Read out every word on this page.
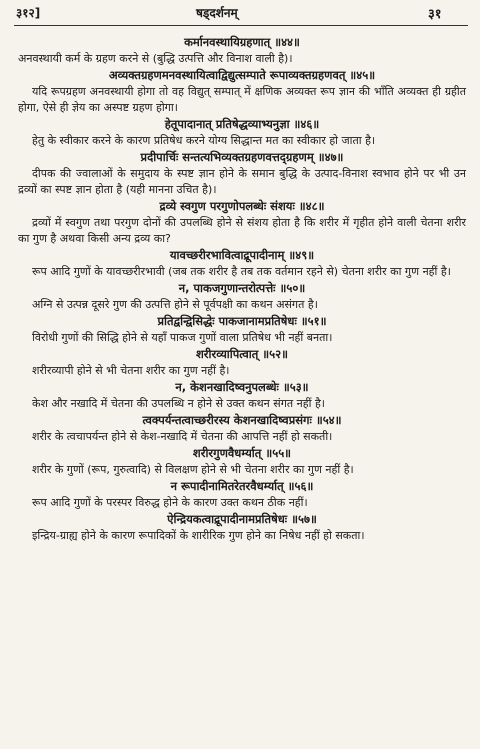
३१२]	षड्दर्शनम्	३१

कर्मानवस्थायिग्रहणात् ॥४४॥

अनवस्थायी कर्म के ग्रहण करने से (बुद्धि उत्पत्ति और विनाश वाली है)।

अव्यक्तग्रहणमनवस्थायित्वाद्विद्युत्सम्पाते रूपाव्यक्तग्रहणवत् ॥४५॥

यदि रूपग्रहण अनवस्थायी होगा तो वह विद्युत् सम्पात् में क्षणिक अव्यक्त रूप ज्ञान की भाँति अव्यक्त ही ग्रहीत होगा, ऐसे ही ज्ञेय का अस्पष्ट ग्रहण होगा।

हेतूपादानात् प्रतिषेद्धव्याभ्यनुज्ञा ॥४६॥

हेतु के स्वीकार करने के कारण प्रतिषेध करने योग्य सिद्धान्त मत का स्वीकार हो जाता है।

प्रदीपार्चिः सन्तत्यभिव्यक्तग्रहणवत्तद्ग्रहणम् ॥४७॥

दीपक की ज्वालाओं के समुदाय के स्पष्ट ज्ञान होने के समान बुद्धि के उत्पाद-विनाश स्वभाव होने पर भी उन द्रव्यों का स्पष्ट ज्ञान होता है (यही मानना उचित है)।

द्रव्ये स्वगुण परगुणोपलब्धेः संशयः ॥४८॥

द्रव्यों में स्वगुण तथा परगुण दोनों की उपलब्धि होने से संशय होता है कि शरीर में गृहीत होने वाली चेतना शरीर का गुण है अथवा किसी अन्य द्रव्य का?

यावच्छरीरभावित्वाद्रूपादीनाम् ॥४९॥

रूप आदि गुणों के यावच्छरीरभावी (जब तक शरीर है तब तक वर्तमान रहने से) चेतना शरीर का गुण नहीं है।

न, पाकजगुणान्तरोत्पत्तेः ॥५०॥

अग्नि से उत्पन्न दूसरे गुण की उत्पत्ति होने से पूर्वपक्षी का कथन असंगत है।

प्रतिद्वन्द्विसिद्धेः पाकजानामप्रतिषेधः ॥५१॥

विरोधी गुणों की सिद्धि होने से यहाँ पाकज गुणों वाला प्रतिषेध भी नहीं बनता।

शरीरव्यापित्वात् ॥५२॥

शरीरव्यापी होने से भी चेतना शरीर का गुण नहीं है।

न, केशनखादिष्वनुपलब्धेः ॥५३॥

केश और नखादि में चेतना की उपलब्धि न होने से उक्त कथन संगत नहीं है।

त्वक्पर्यन्तत्वाच्छरीरस्य केशनखादिष्वप्रसंगः ॥५४॥

शरीर के त्वचापर्यन्त होने से केश-नखादि में चेतना की आपत्ति नहीं हो सकती।

शरीरगुणवैधर्म्यात् ॥५५॥

शरीर के गुणों (रूप, गुरुत्वादि) से विलक्षण होने से भी चेतना शरीर का गुण नहीं है।

न रूपादीनामितरेतरवैधर्म्यात् ॥५६॥

रूप आदि गुणों के परस्पर विरुद्ध होने के कारण उक्त कथन ठीक नहीं।

ऐन्द्रियकत्वाद्रूपादीनामप्रतिषेधः ॥५७॥

इन्द्रिय-ग्राह्य होने के कारण रूपादिकों के शारीरिक गुण होने का निषेध नहीं हो सकता।
